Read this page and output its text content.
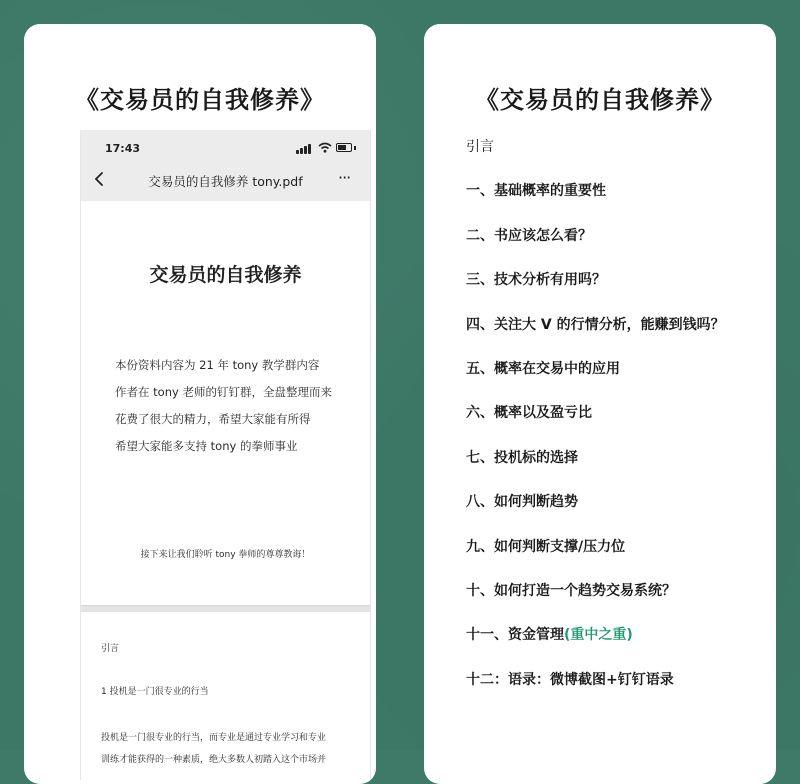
《交易员的自我修养》
17:43
交易员的自我修养 tony.pdf	···
交易员的自我修养
本份资料内容为 21 年 tony 教学群内容
作者在 tony 老师的钉钉群，全盘整理而来
花费了很大的精力，希望大家能有所得
希望大家能多支持 tony 的拳师事业
接下来让我们聆听 tony 拳师的尊尊教诲！
引言
1 投机是一门很专业的行当
投机是一门很专业的行当，而专业是通过专业学习和专业
训练才能获得的一种素质，绝大多数人初踏入这个市场并
《交易员的自我修养》
引言
一、基础概率的重要性
二、书应该怎么看？
三、技术分析有用吗？
四、关注大 V 的行情分析，能赚到钱吗？
五、概率在交易中的应用
六、概率以及盈亏比
七、投机标的选择
八、如何判断趋势
九、如何判断支撑/压力位
十、如何打造一个趋势交易系统？
十一、资金管理(重中之重)
十二：语录：微博截图+钉钉语录
